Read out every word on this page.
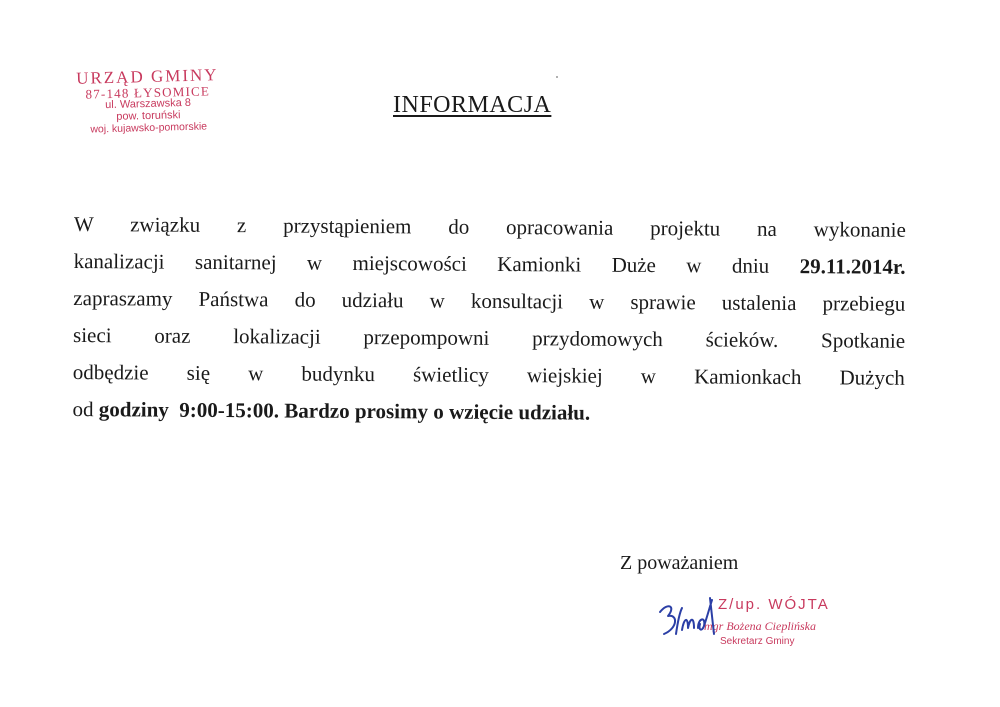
URZĄD GMINY
87-148 ŁYSOMICE
ul. Warszawska 8
pow. toruński
woj. kujawsko-pomorskie
INFORMACJA
W związku z przystąpieniem do opracowania projektu na wykonanie
kanalizacji sanitarnej w miejscowości Kamionki Duże w dniu 29.11.2014r.
zapraszamy Państwa do udziału w konsultacji w sprawie ustalenia przebiegu
sieci oraz lokalizacji przepompowni przydomowych ścieków. Spotkanie
odbędzie się w budynku świetlicy wiejskiej w Kamionkach Dużych
od godziny  9:00-15:00. Bardzo prosimy o wzięcie udziału.
Z poważaniem
Z/up. WÓJTA
mgr Bożena Cieplińska
Sekretarz Gminy
